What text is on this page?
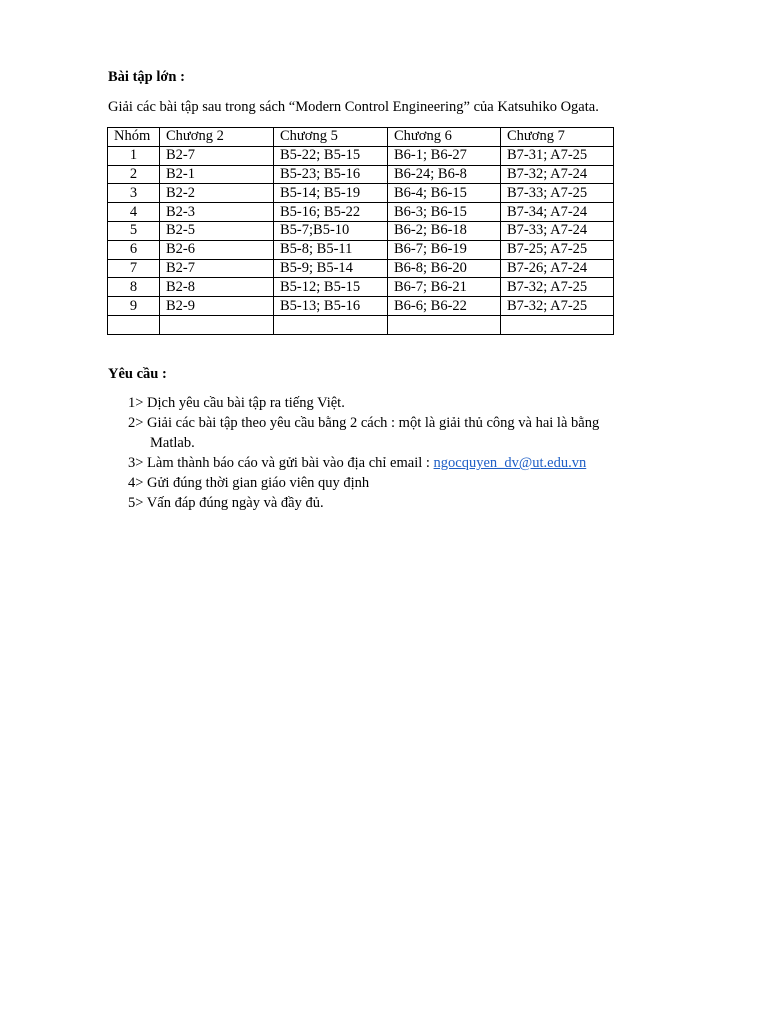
Bài tập lớn :
Giải các bài tập sau trong sách “Modern Control Engineering” của Katsuhiko Ogata.
Nhóm	Chương 2	Chương 5	Chương 6	Chương 7
1	B2-7	B5-22; B5-15	B6-1; B6-27	B7-31; A7-25
2	B2-1	B5-23; B5-16	B6-24; B6-8	B7-32; A7-24
3	B2-2	B5-14; B5-19	B6-4; B6-15	B7-33; A7-25
4	B2-3	B5-16; B5-22	B6-3; B6-15	B7-34; A7-24
5	B2-5	B5-7;B5-10	B6-2; B6-18	B7-33; A7-24
6	B2-6	B5-8; B5-11	B6-7; B6-19	B7-25; A7-25
7	B2-7	B5-9; B5-14	B6-8; B6-20	B7-26; A7-24
8	B2-8	B5-12; B5-15	B6-7; B6-21	B7-32; A7-25
9	B2-9	B5-13; B5-16	B6-6; B6-22	B7-32; A7-25

Yêu cầu :
1> Dịch yêu cầu bài tập ra tiếng Việt.
2> Giải các bài tập theo yêu cầu bằng 2 cách : một là giải thủ công và hai là bằng
Matlab.
3> Làm thành báo cáo và gửi bài vào địa chỉ email : ngocquyen_dv@ut.edu.vn
4> Gửi đúng thời gian giáo viên quy định
5> Vấn đáp đúng ngày và đầy đủ.
